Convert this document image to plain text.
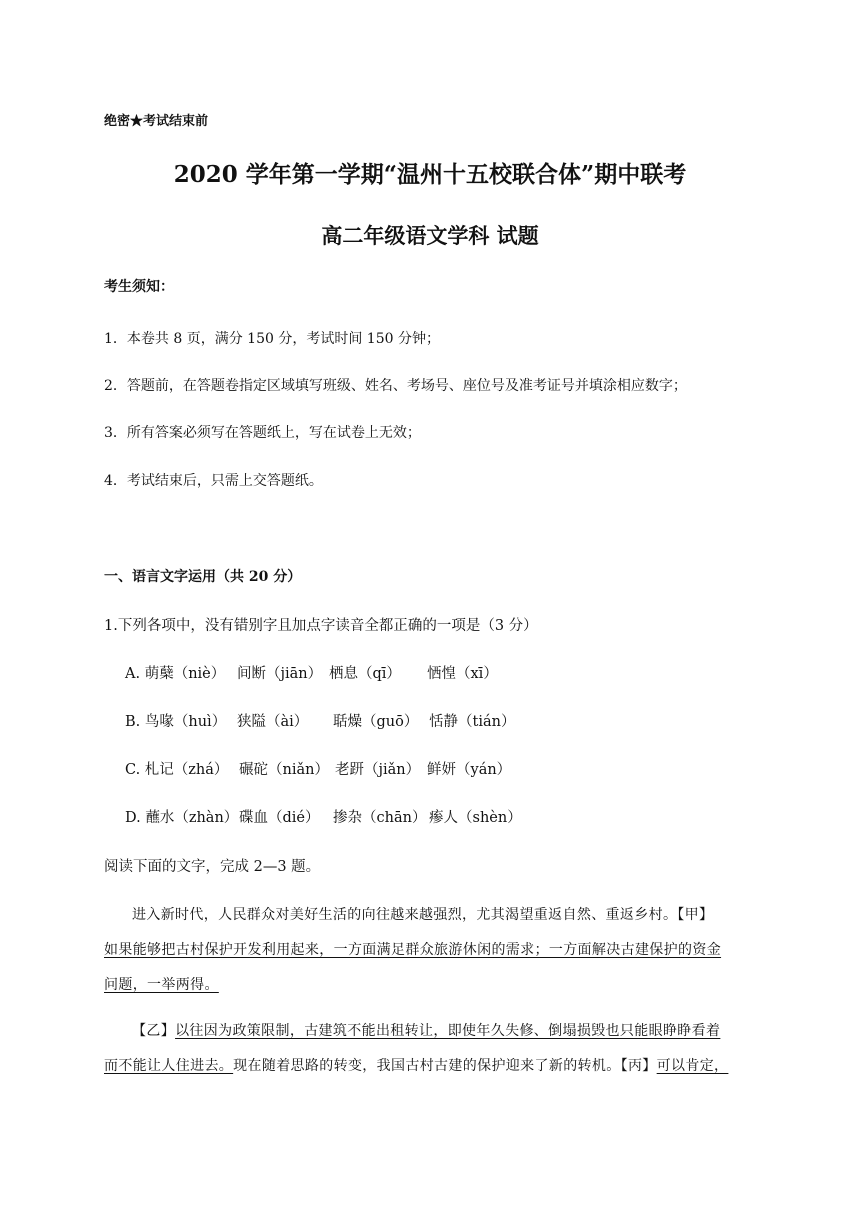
绝密★考试结束前
2020 学年第一学期“温州十五校联合体”期中联考
高二年级语文学科 试题
考生须知：
1．本卷共 8 页，满分 150 分，考试时间 150 分钟；
2．答题前，在答题卷指定区域填写班级、姓名、考场号、座位号及准考证号并填涂相应数字；
3．所有答案必须写在答题纸上，写在试卷上无效；
4．考试结束后，只需上交答题纸。
一、语言文字运用（共 20 分）
1.下列各项中，没有错别字且加点字读音全都正确的一项是（3 分）
A. 萌蘖（niè） 间断（jiān） 栖息（qī） 恓惶（xī）
B. 鸟喙（huì） 狭隘（ài） 聒燥（guō） 恬静（tián）
C. 札记（zhá） 碾砣（niǎn） 老趼（jiǎn） 鲜妍（yán）
D. 蘸水（zhàn）碟血（dié） 掺杂（chān） 瘆人（shèn）
阅读下面的文字，完成 2—3 题。
进入新时代，人民群众对美好生活的向往越来越强烈，尤其渴望重返自然、重返乡村。【甲】
如果能够把古村保护开发利用起来，一方面满足群众旅游休闲的需求；一方面解决古建保护的资金
问题，一举两得。
【乙】以往因为政策限制，古建筑不能出租转让，即使年久失修、倒塌损毁也只能眼睁睁看着
而不能让人住进去。现在随着思路的转变，我国古村古建的保护迎来了新的转机。【丙】可以肯定，
